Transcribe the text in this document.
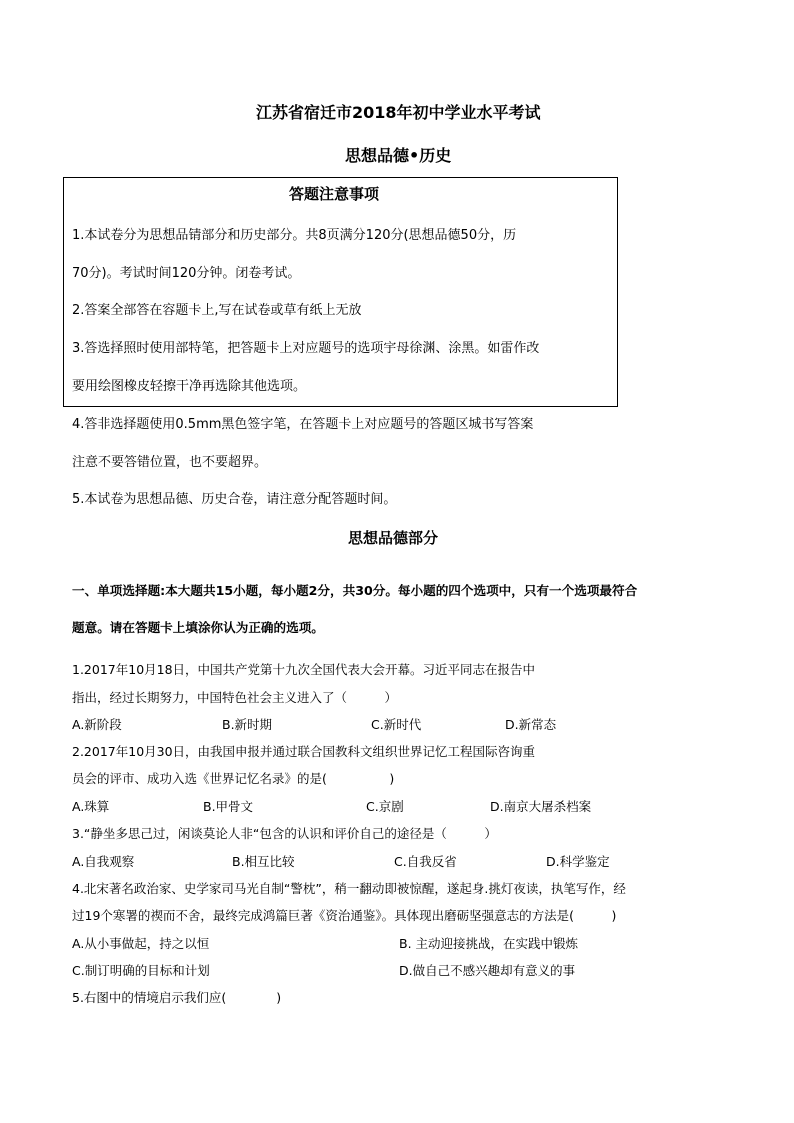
江苏省宿迁市2018年初中学业水平考试
思想品德•历史
答题注意事项
1.本试卷分为思想品锖部分和历史部分。共8页满分120分(思想品德50分，历
70分)。考试时间120分钟。闭卷考试。
2.答案全部答在容题卡上,写在试卷或草有纸上无放
3.答选择照时使用部特笔，把答题卡上对应题号的选项宇母徐渊、涂黑。如雷作改
要用绘图橡皮轻擦干净再选除其他选项。
4.答非选择题使用0.5mm黑色签字笔，在答题卡上对应题号的答题区城书写答案
注意不要答错位置，也不要超界。
5.本试卷为思想品德、历史合卷，请注意分配答题时间。
思想品德部分
一、单项选择题:本大题共15小题，每小题2分，共30分。每小题的四个选项中，只有一个选项最符合
题意。请在答题卡上填涂你认为正确的选项。
1.2017年10月18日，中国共产党第十九次全国代表大会开幕。习近平同志在报告中
指出，经过长期努力，中国特色社会主义进入了（　　　）
A.新阶段	B.新时期	C.新时代	D.新常态
2.2017年10月30日，由我国申报并通过联合国教科文组织世界记忆工程国际咨询重
员会的评市、成功入选《世界记忆名录》的是(　　　　　)
A.珠算	B.甲骨文	C.京剧	D.南京大屠杀档案
3.“静坐多思己过，闲谈莫论人非“包含的认识和评价自己的途径是（　　　）
A.自我观察	B.相互比较	C.自我反省	D.科学鉴定
4.北宋著名政治家、史学家司马光自制“警枕”，稍一翻动即被惊醒，遂起身.挑灯夜读，执笔写作，经
过19个寒署的禊而不舍，最终完成鸿篇巨著《资治通鉴》。具体现出磨砺坚强意志的方法是(　　　)
A.从小事做起，持之以恒	B. 主动迎接挑战，在实践中锻炼
C.制订明确的目标和计划	D.做自己不感兴趣却有意义的事
5.右图中的情境启示我们应(　　　　)
